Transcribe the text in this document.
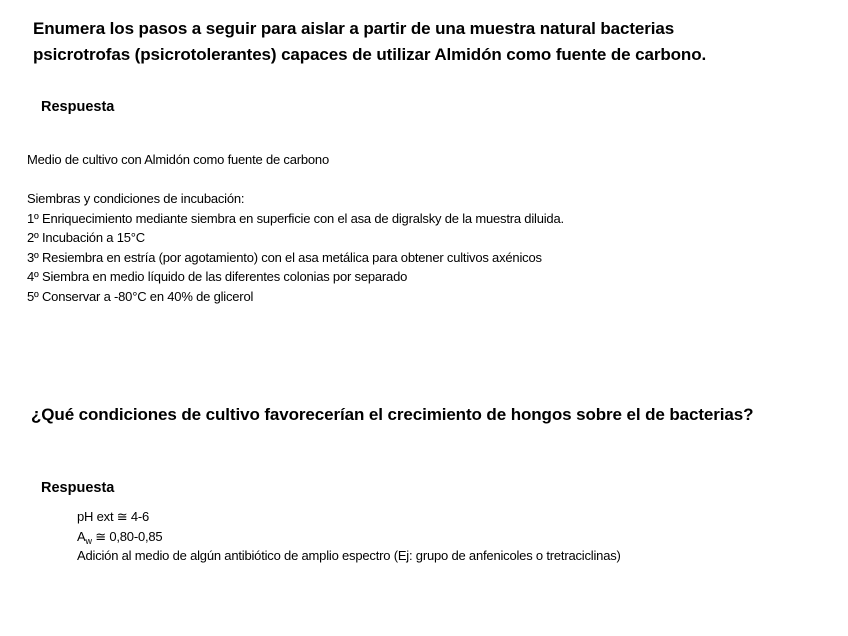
Enumera los pasos a seguir para aislar a partir de una muestra natural bacterias
psicrotrofas (psicrotolerantes) capaces de utilizar Almidón como fuente de carbono.
Respuesta
Medio de cultivo con Almidón como fuente de carbono
Siembras y condiciones de incubación:
1º Enriquecimiento mediante siembra en superficie con el asa de digralsky de la muestra diluida.
2º Incubación a 15°C
3º Resiembra en estría (por agotamiento) con el asa metálica para obtener cultivos axénicos
4º Siembra en medio líquido de las diferentes colonias por separado
5º Conservar a -80°C en 40% de glicerol
¿Qué condiciones de cultivo favorecerían el crecimiento de hongos sobre el de bacterias?
Respuesta
pH ext ≅ 4-6
$A_w$ ≅ 0,80-0,85
Adición al medio de algún antibiótico de amplio espectro (Ej: grupo de anfenicoles o tretraciclinas)
